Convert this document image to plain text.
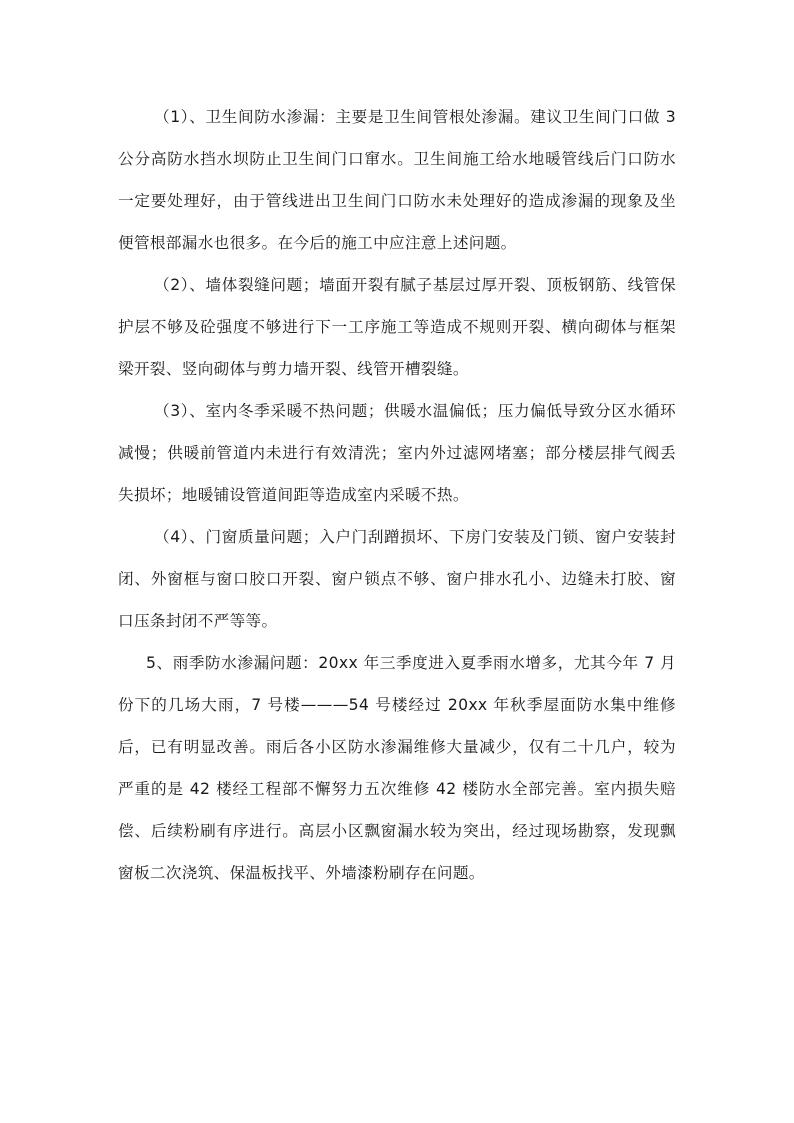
（1）、卫生间防水渗漏：主要是卫生间管根处渗漏。建议卫生间门口做 3 公分高防水挡水坝防止卫生间门口窜水。卫生间施工给水地暖管线后门口防水一定要处理好，由于管线进出卫生间门口防水未处理好的造成渗漏的现象及坐便管根部漏水也很多。在今后的施工中应注意上述问题。

（2）、墙体裂缝问题；墙面开裂有腻子基层过厚开裂、顶板钢筋、线管保护层不够及砼强度不够进行下一工序施工等造成不规则开裂、横向砌体与框架梁开裂、竖向砌体与剪力墙开裂、线管开槽裂缝。

（3）、室内冬季采暖不热问题；供暖水温偏低；压力偏低导致分区水循环减慢；供暖前管道内未进行有效清洗；室内外过滤网堵塞；部分楼层排气阀丢失损坏；地暖铺设管道间距等造成室内采暖不热。

（4）、门窗质量问题；入户门刮蹭损坏、下房门安装及门锁、窗户安装封闭、外窗框与窗口胶口开裂、窗户锁点不够、窗户排水孔小、边缝未打胶、窗口压条封闭不严等等。

5、雨季防水渗漏问题：20xx 年三季度进入夏季雨水增多，尤其今年 7 月份下的几场大雨，7 号楼———54 号楼经过 20xx 年秋季屋面防水集中维修后，已有明显改善。雨后各小区防水渗漏维修大量减少，仅有二十几户，较为严重的是 42 楼经工程部不懈努力五次维修 42 楼防水全部完善。室内损失赔偿、后续粉刷有序进行。高层小区飘窗漏水较为突出，经过现场勘察，发现飘窗板二次浇筑、保温板找平、外墙漆粉刷存在问题。
